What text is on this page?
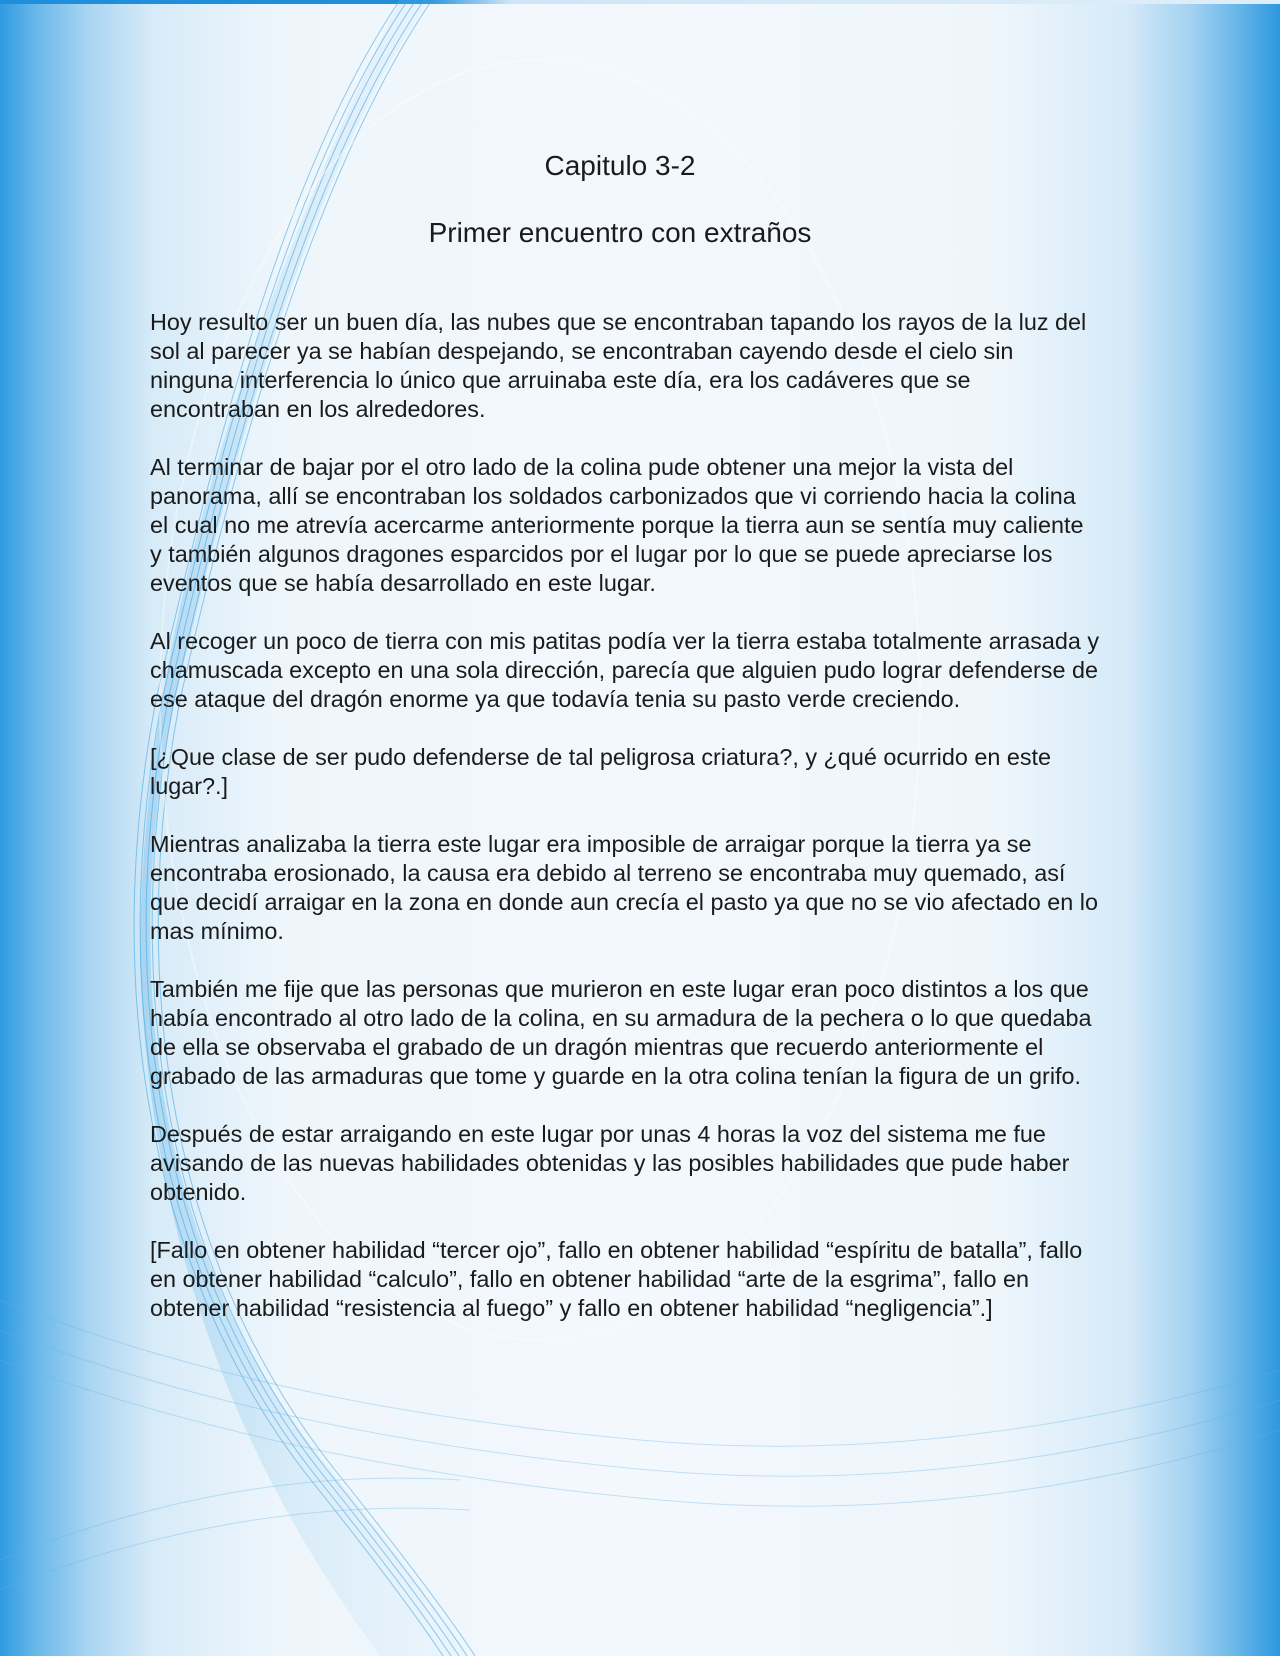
Capitulo 3-2
Primer encuentro con extraños

Hoy resulto ser un buen día, las nubes que se encontraban tapando los rayos de la luz del sol al parecer ya se habían despejando, se encontraban cayendo desde el cielo sin ninguna interferencia lo único que arruinaba este día, era los cadáveres que se encontraban en los alrededores.

Al terminar de bajar por el otro lado de la colina pude obtener una mejor la vista del panorama, allí se encontraban los soldados carbonizados que vi corriendo hacia la colina el cual no me atrevía acercarme anteriormente porque la tierra aun se sentía muy caliente y también algunos dragones esparcidos por el lugar por lo que se puede apreciarse los eventos que se había desarrollado en este lugar.

Al recoger un poco de tierra con mis patitas podía ver la tierra estaba totalmente arrasada y chamuscada excepto en una sola dirección, parecía que alguien pudo lograr defenderse de ese ataque del dragón enorme ya que todavía tenia su pasto verde creciendo.

[¿Que clase de ser pudo defenderse de tal peligrosa criatura?, y ¿qué ocurrido en este lugar?.]

Mientras analizaba la tierra este lugar era imposible de arraigar porque la tierra ya se encontraba erosionado, la causa era debido al terreno se encontraba muy quemado, así que decidí arraigar en la zona en donde aun crecía el pasto ya que no se vio afectado en lo mas mínimo.

También me fije que las personas que murieron en este lugar eran poco distintos a los que había encontrado al otro lado de la colina, en su armadura de la pechera o lo que quedaba de ella se observaba el grabado de un dragón mientras que recuerdo anteriormente el grabado de las armaduras que tome y guarde en la otra colina tenían la figura de un grifo.

Después de estar arraigando en este lugar por unas 4 horas la voz del sistema me fue avisando de las nuevas habilidades obtenidas y las posibles habilidades que pude haber obtenido.

[Fallo en obtener habilidad “tercer ojo”, fallo en obtener habilidad “espíritu de batalla”, fallo en obtener habilidad “calculo”, fallo en obtener habilidad “arte de la esgrima”, fallo en obtener habilidad “resistencia al fuego” y fallo en obtener habilidad “negligencia”.]
